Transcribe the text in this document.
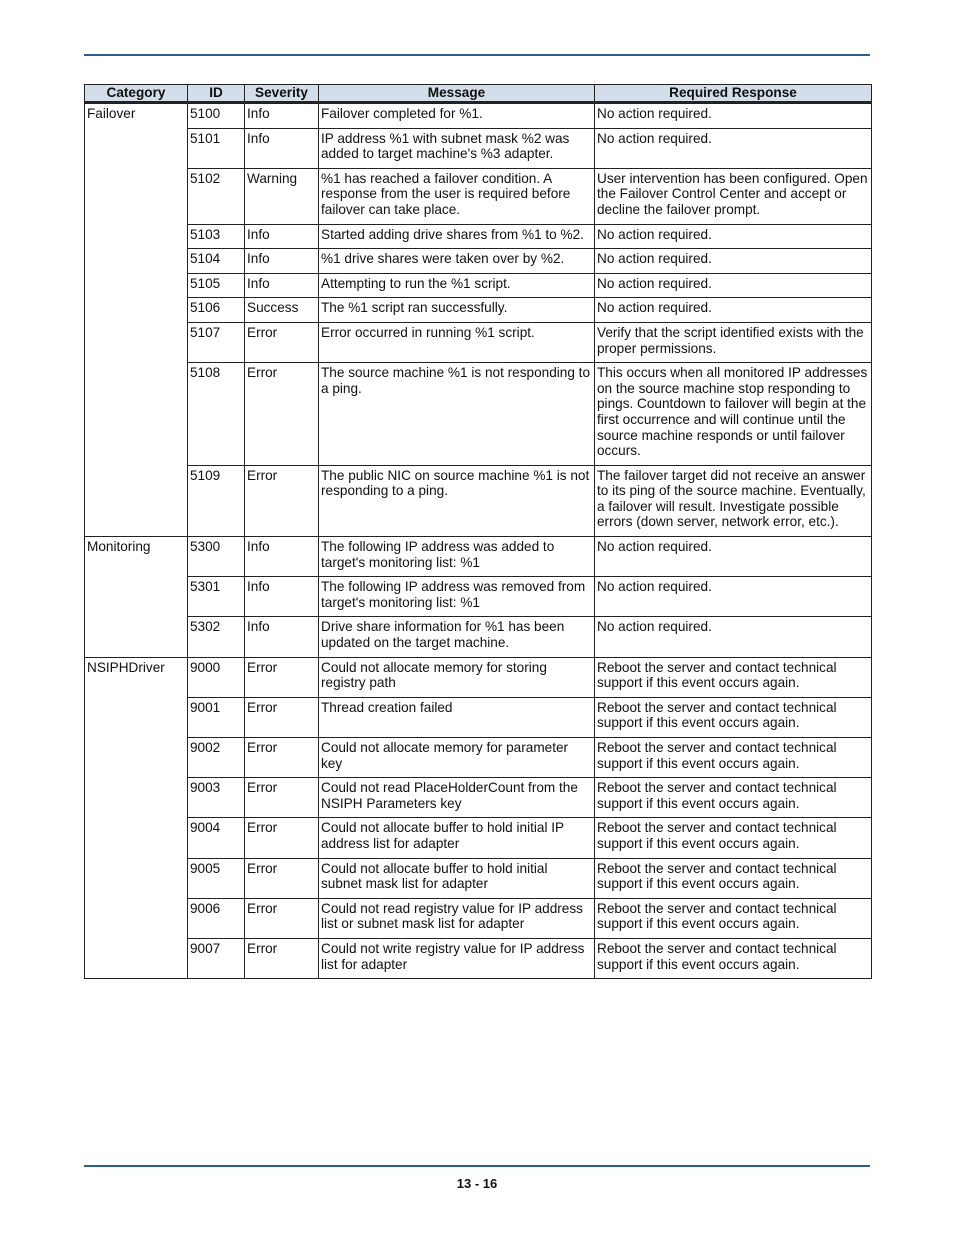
Category	ID	Severity	Message	Required Response
Failover	5100	Info	Failover completed for %1.	No action required.
	5101	Info	IP address %1 with subnet mask %2 was added to target machine's %3 adapter.	No action required.
	5102	Warning	%1 has reached a failover condition. A response from the user is required before failover can take place.	User intervention has been configured. Open the Failover Control Center and accept or decline the failover prompt.
	5103	Info	Started adding drive shares from %1 to %2.	No action required.
	5104	Info	%1 drive shares were taken over by %2.	No action required.
	5105	Info	Attempting to run the %1 script.	No action required.
	5106	Success	The %1 script ran successfully.	No action required.
	5107	Error	Error occurred in running %1 script.	Verify that the script identified exists with the proper permissions.
	5108	Error	The source machine %1 is not responding to a ping.	This occurs when all monitored IP addresses on the source machine stop responding to pings. Countdown to failover will begin at the first occurrence and will continue until the source machine responds or until failover occurs.
	5109	Error	The public NIC on source machine %1 is not responding to a ping.	The failover target did not receive an answer to its ping of the source machine. Eventually, a failover will result. Investigate possible errors (down server, network error, etc.).
Monitoring	5300	Info	The following IP address was added to target's monitoring list: %1	No action required.
	5301	Info	The following IP address was removed from target's monitoring list: %1	No action required.
	5302	Info	Drive share information for %1 has been updated on the target machine.	No action required.
NSIPHDriver	9000	Error	Could not allocate memory for storing registry path	Reboot the server and contact technical support if this event occurs again.
	9001	Error	Thread creation failed	Reboot the server and contact technical support if this event occurs again.
	9002	Error	Could not allocate memory for parameter key	Reboot the server and contact technical support if this event occurs again.
	9003	Error	Could not read PlaceHolderCount from the NSIPH Parameters key	Reboot the server and contact technical support if this event occurs again.
	9004	Error	Could not allocate buffer to hold initial IP address list for adapter	Reboot the server and contact technical support if this event occurs again.
	9005	Error	Could not allocate buffer to hold initial subnet mask list for adapter	Reboot the server and contact technical support if this event occurs again.
	9006	Error	Could not read registry value for IP address list or subnet mask list for adapter	Reboot the server and contact technical support if this event occurs again.
	9007	Error	Could not write registry value for IP address list for adapter	Reboot the server and contact technical support if this event occurs again.
13 - 16
